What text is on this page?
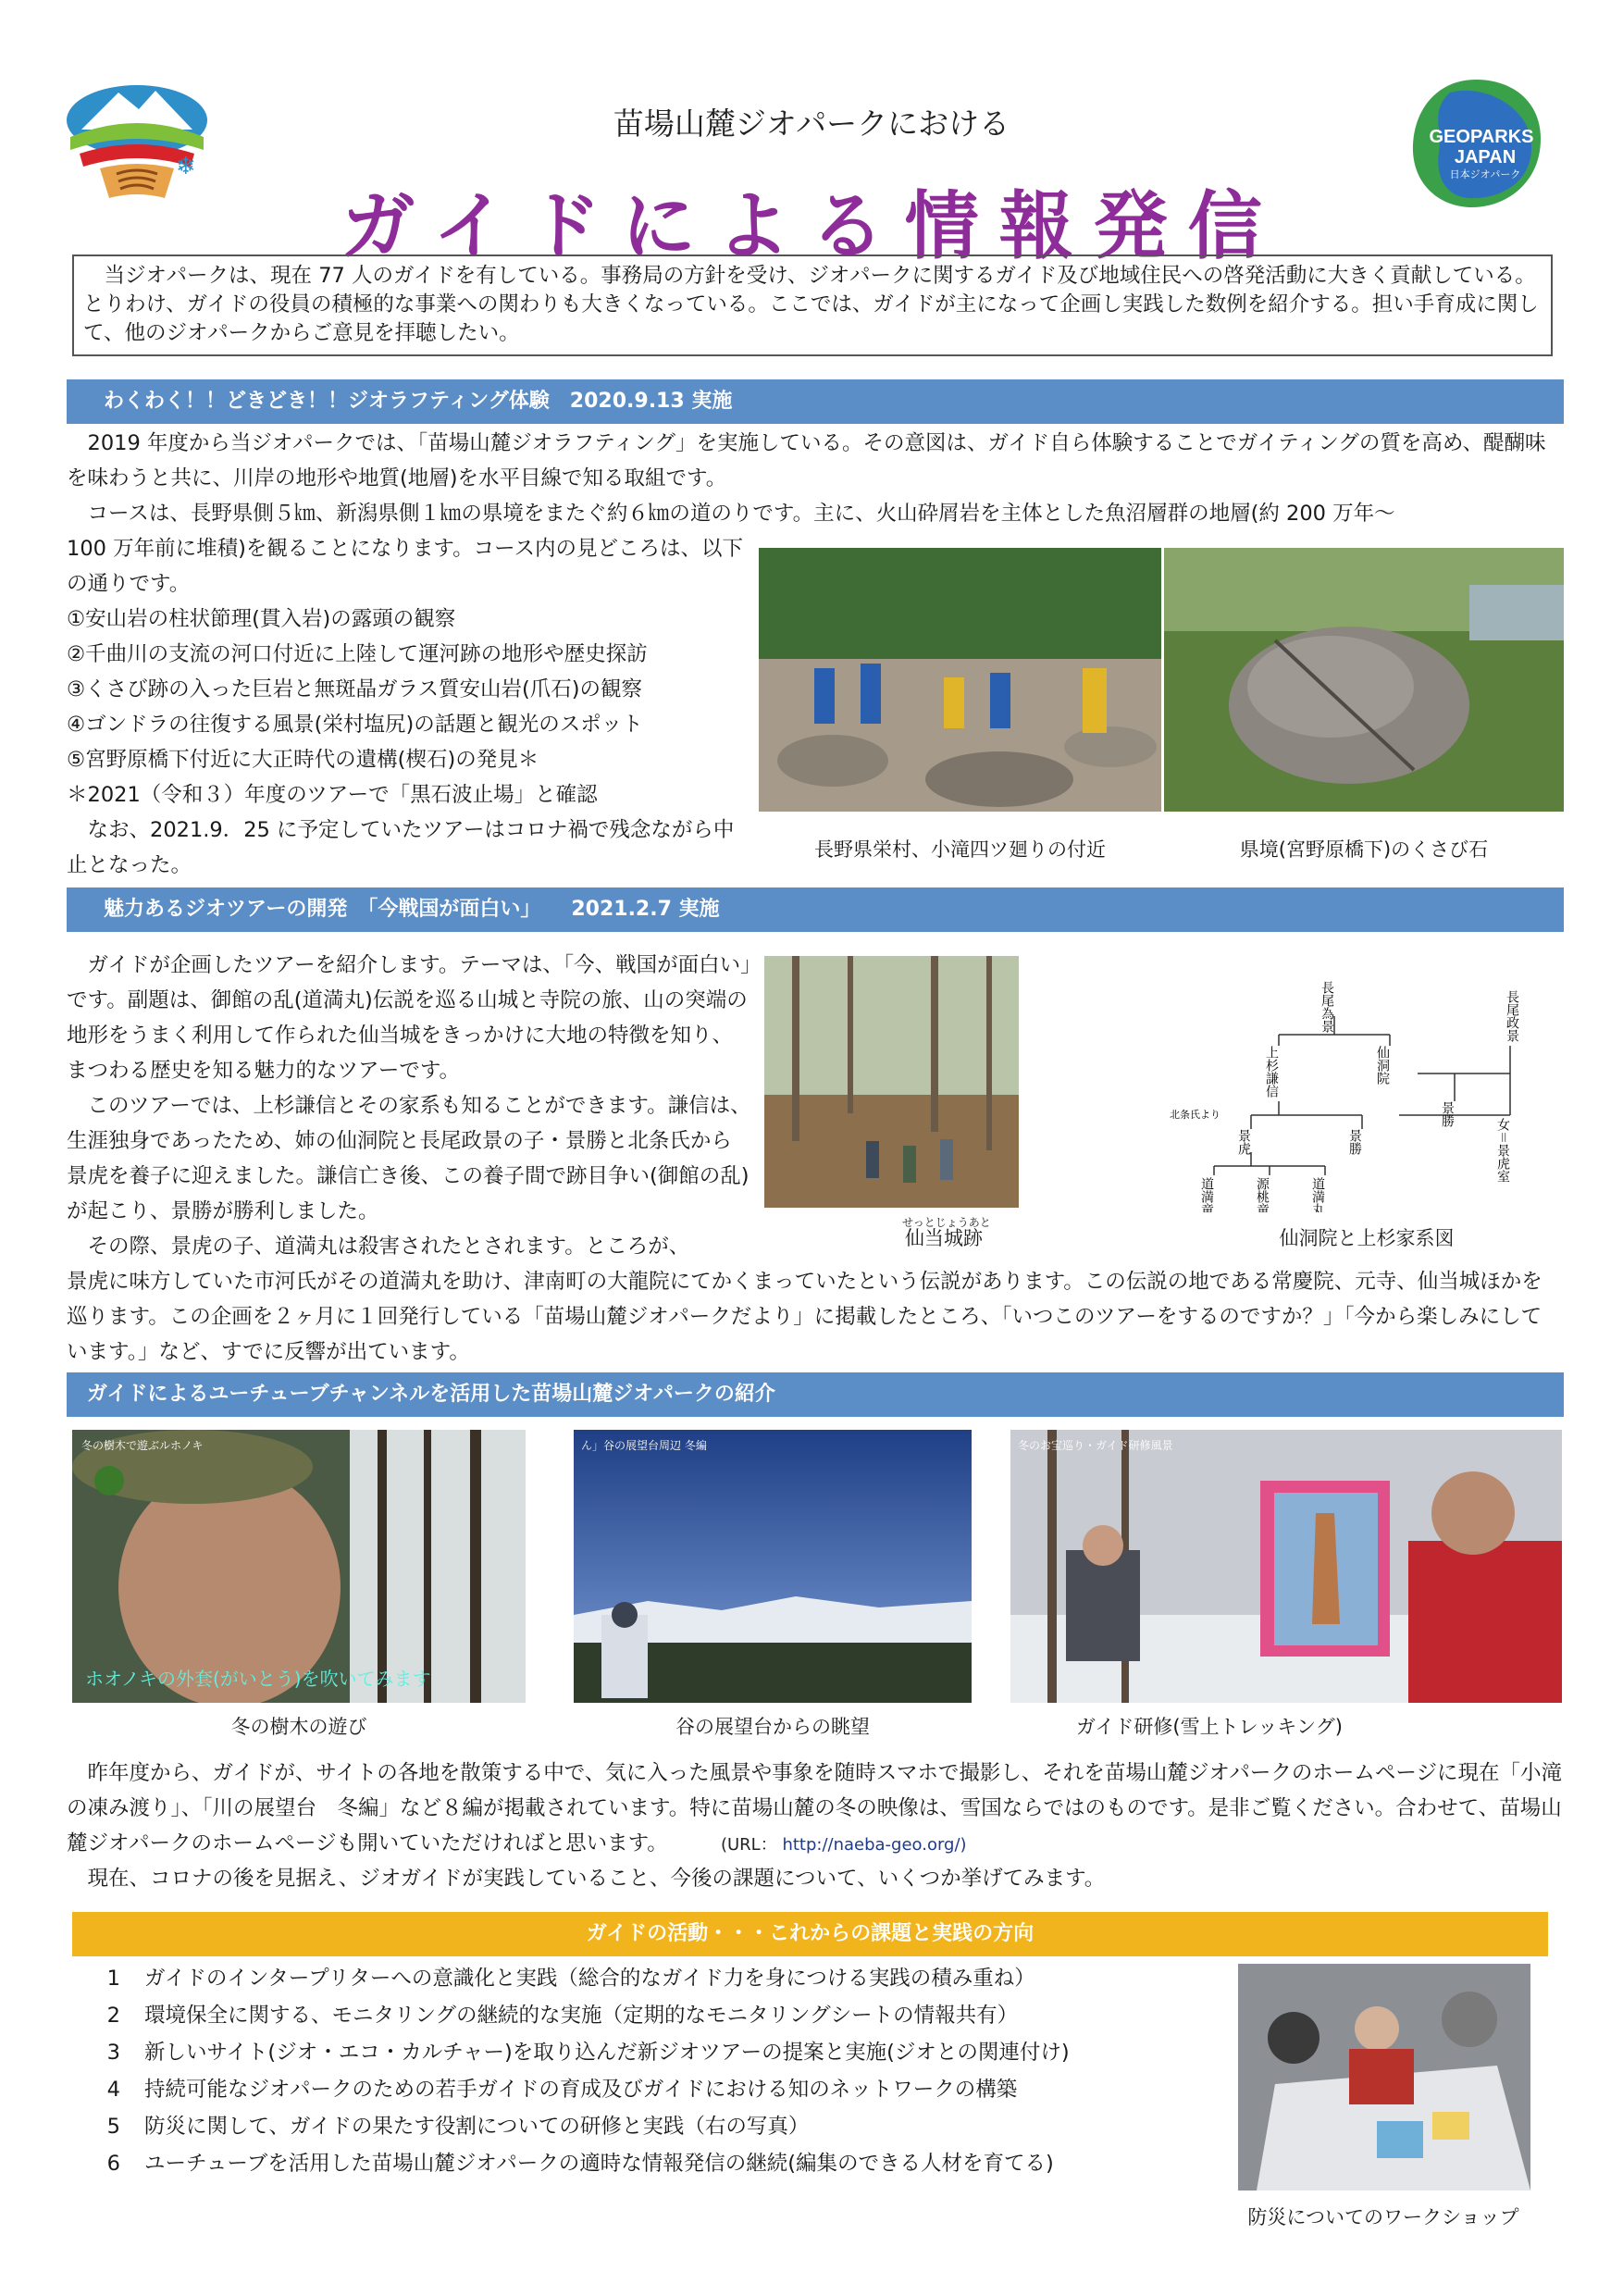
❄
苗場山麓ジオパークにおける
ガイドによる情報発信
GEOPARKS
JAPAN
日本ジオパーク
当ジオパークは、現在 77 人のガイドを有している。事務局の方針を受け、ジオパークに関するガイド及び地域住民への啓発活動に大きく貢献している。とりわけ、ガイドの役員の積極的な事業への関わりも大きくなっている。ここでは、ガイドが主になって企画し実践した数例を紹介する。担い手育成に関して、他のジオパークからご意見を拝聴したい。
わくわく！！どきどき！！ジオラフティング体験　2020.9.13 実施
2019 年度から当ジオパークでは、「苗場山麓ジオラフティング」を実施している。その意図は、ガイド自ら体験することでガイティングの質を高め、醍醐味を味わうと共に、川岸の地形や地質(地層)を水平目線で知る取組です。
コースは、長野県側５㎞、新潟県側１㎞の県境をまたぐ約６㎞の道のりです。主に、火山砕屑岩を主体とした魚沼層群の地層(約 200 万年～
100 万年前に堆積)を観ることになります。コース内の見どころは、以下の通りです。
①安山岩の柱状節理(貫入岩)の露頭の観察
②千曲川の支流の河口付近に上陸して運河跡の地形や歴史探訪
③くさび跡の入った巨岩と無斑晶ガラス質安山岩(爪石)の観察
④ゴンドラの往復する風景(栄村塩尻)の話題と観光のスポット
⑤宮野原橋下付近に大正時代の遺構(楔石)の発見＊
＊2021（令和３）年度のツアーで「黒石波止場」と確認
なお、2021.9．25 に予定していたツアーはコロナ禍で残念ながら中止となった。
長野県栄村、小滝四ツ廻りの付近	県境(宮野原橋下)のくさび石
魅力あるジオツアーの開発　「今戦国が面白い」　　2021.2.7 実施
ガイドが企画したツアーを紹介します。テーマは、「今、戦国が面白い」です。副題は、御館の乱(道満丸)伝説を巡る山城と寺院の旅、山の突端の地形をうまく利用して作られた仙当城をきっかけに大地の特徴を知り、まつわる歴史を知る魅力的なツアーです。
このツアーでは、上杉謙信とその家系も知ることができます。謙信は、生涯独身であったため、姉の仙洞院と長尾政景の子・景勝と北条氏から景虎を養子に迎えました。謙信亡き後、この養子間で跡目争い(御館の乱)が起こり、景勝が勝利しました。
その際、景虎の子、道満丸は殺害されたとされます。ところが、
景虎に味方していた市河氏がその道満丸を助け、津南町の大龍院にてかくまっていたという伝説があります。この伝説の地である常慶院、元寺、仙当城ほかを巡ります。この企画を２ヶ月に１回発行している「苗場山麓ジオパークだより」に掲載したところ、「いつこのツアーをするのですか？」「今から楽しみにしています。」など、すでに反響が出ています。
せっとじょうあと
仙当城跡
長尾為景	長尾政景
上杉謙信	仙洞院
北条氏より
景虎	景勝
景勝
女＝景虎室
道満童女	源桃童子	道満丸
仙洞院と上杉家系図
ガイドによるユーチューブチャンネルを活用した苗場山麓ジオパークの紹介
冬の樹木で遊ぶルホノキ
ホオノキの外套(がいとう)を吹いてみます
ん」谷の展望台周辺 冬編	冬のお宝巡り・ガイド研修風景
冬の樹木の遊び	谷の展望台からの眺望	ガイド研修(雪上トレッキング)
昨年度から、ガイドが、サイトの各地を散策する中で、気に入った風景や事象を随時スマホで撮影し、それを苗場山麓ジオパークのホームページに現在「小滝の凍み渡り」、「川の展望台　冬編」など８編が掲載されています。特に苗場山麓の冬の映像は、雪国ならではのものです。是非ご覧ください。合わせて、苗場山麓ジオパークのホームページも開いていただければと思います。	(URL： http://naeba-geo.org/)
現在、コロナの後を見据え、ジオガイドが実践していること、今後の課題について、いくつか挙げてみます。
ガイドの活動・・・これからの課題と実践の方向
1 ガイドのインタープリターへの意識化と実践（総合的なガイド力を身につける実践の積み重ね）
2 環境保全に関する、モニタリングの継続的な実施（定期的なモニタリングシートの情報共有）
3 新しいサイト(ジオ・エコ・カルチャー)を取り込んだ新ジオツアーの提案と実施(ジオとの関連付け)
4 持続可能なジオパークのための若手ガイドの育成及びガイドにおける知のネットワークの構築
5 防災に関して、ガイドの果たす役割についての研修と実践（右の写真）
6 ユーチューブを活用した苗場山麓ジオパークの適時な情報発信の継続(編集のできる人材を育てる)
防災についてのワークショップ
